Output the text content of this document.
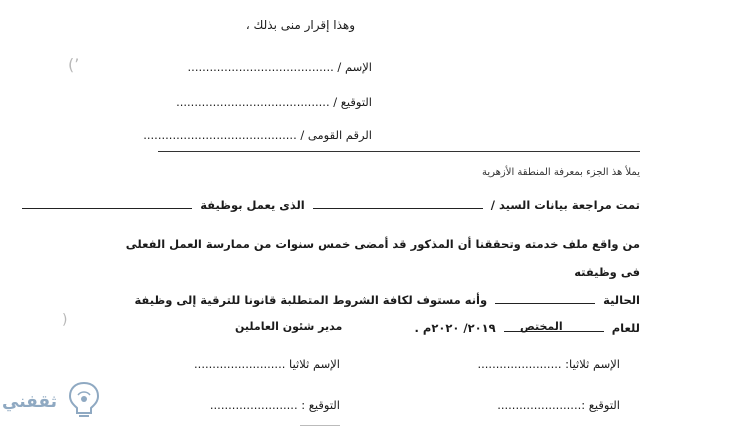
وهذا إقرار منى بذلك ،
الإسم / ........................................
التوقيع / ..........................................
الرقم القومى / ..........................................
يملأ هذ الجزء بمعرفة المنطقة الأزهرية
تمت مراجعة بيانات السيد /  الذى يعمل بوظيفة
من واقع ملف خدمته وتحققنا أن المذكور قد أمضى خمس سنوات من ممارسة العمل الفعلى فى وظيفته
الحالية  وأنه مستوف لكافة الشروط المتطلبة قانونا للترقية إلى وظيفة
للعام  ٢٠١٩/ ٢٠٢٠م .	المختص
مدير شئون العاملين
الإسم ثلاثيا: .......................
التوقيع :.......................
الإسم ثلاثيا .........................
التوقيع : ........................
(’
)
ثقفني
